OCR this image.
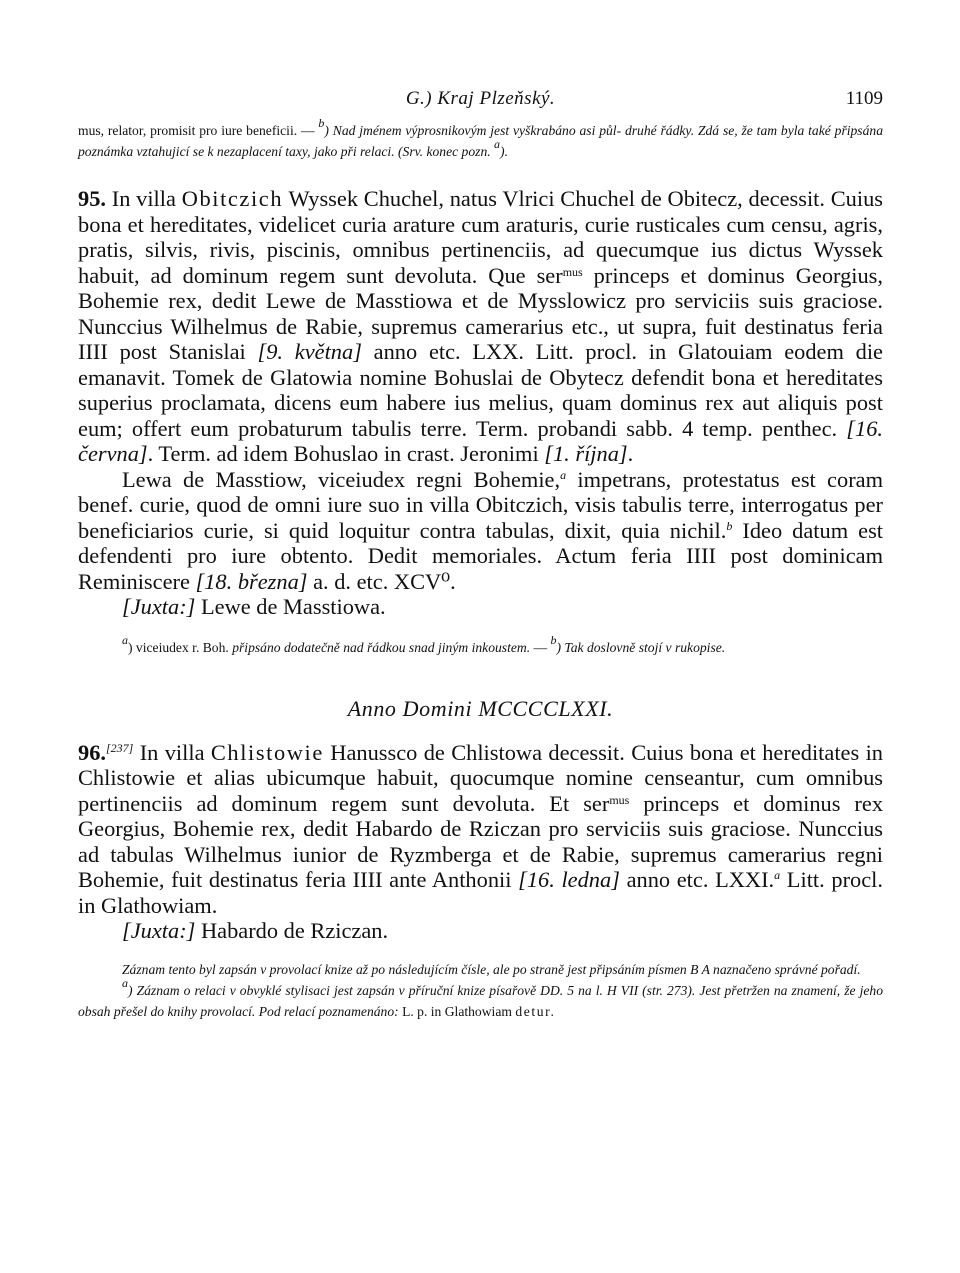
G.) Kraj Plzeňský.	1109

mus, relator, promisit pro iure beneficii. — $^b$) Nad jménem výprosnikovým jest vyškrabáno asi půl- druhé řádky. Zdá se, že tam byla také připsána poznámka vztahujicí se k nezaplacení taxy, jako při relaci. (Srv. konec pozn. $^a$).

95. In villa Obitczich Wyssek Chuchel, natus Vlrici Chuchel de Obitecz, decessit. Cuius bona et hereditates, videlicet curia arature cum araturis, curie rusticales cum censu, agris, pratis, silvis, rivis, piscinis, omnibus pertinenciis, ad quecumque ius dictus Wyssek habuit, ad dominum regem sunt devoluta. Que ser$^{mus}$ princeps et dominus Georgius, Bohemie rex, dedit Lewe de Masstiowa et de Mysslowicz pro serviciis suis graciose. Nunccius Wilhelmus de Rabie, supremus camerarius etc., ut supra, fuit destinatus feria IIII post Stanislai [9. května] anno etc. LXX. Litt. procl. in Glatouiam eodem die emanavit. Tomek de Glatowia nomine Bohuslai de Obytecz defendit bona et hereditates superius proclamata, dicens eum habere ius melius, quam dominus rex aut aliquis post eum; offert eum probaturum tabulis terre. Term. probandi sabb. 4 temp. penthec. [16. června]. Term. ad idem Bohuslao in crast. Jeronimi [1. října].

Lewa de Masstiow, viceiudex regni Bohemie,$^a$ impetrans, protestatus est coram benef. curie, quod de omni iure suo in villa Obitczich, visis tabulis terre, interrogatus per beneficiarios curie, si quid loquitur contra tabulas, dixit, quia nichil.$^b$ Ideo datum est defendenti pro iure obtento. Dedit memoriales. Actum feria IIII post dominicam Reminiscere [18. března] a. d. etc. XCV⁰.

[Juxta:] Lewe de Masstiowa.

$^a$) viceiudex r. Boh. připsáno dodatečně nad řádkou snad jiným inkoustem. — $^b$) Tak doslovně stojí v rukopise.

Anno Domini MCCCCLXXI.

96.[237] In villa Chlistowie Hanussco de Chlistowa decessit. Cuius bona et hereditates in Chlistowie et alias ubicumque habuit, quocumque nomine censeantur, cum omnibus pertinenciis ad dominum regem sunt devoluta. Et ser$^{mus}$ princeps et dominus rex Georgius, Bohemie rex, dedit Habardo de Rziczan pro serviciis suis graciose. Nunccius ad tabulas Wilhelmus iunior de Ryzmberga et de Rabie, supremus camerarius regni Bohemie, fuit destinatus feria IIII ante Anthonii [16. ledna] anno etc. LXXI.$^a$ Litt. procl. in Glathowiam.

[Juxta:] Habardo de Rziczan.

Záznam tento byl zapsán v provolací knize až po následujícím čísle, ale po straně jest připsáním písmen B A naznačeno správné pořadí.

$^a$) Záznam o relaci v obvyklé stylisaci jest zapsán v příruční knize písařově DD. 5 na l. H VII (str. 273). Jest přetržen na znamení, že jeho obsah přešel do knihy provolací. Pod relací poznamenáno: L. p. in Glathowiam detur.
